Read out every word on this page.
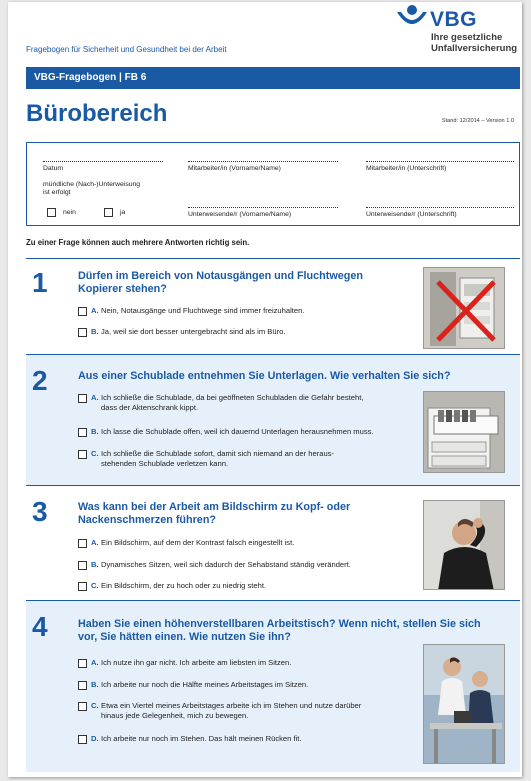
VBG
Ihre gesetzliche
Unfallversicherung
Fragebogen für Sicherheit und Gesundheit bei der Arbeit
VBG-Fragebogen | FB 6
Bürobereich	Stand: 12/2014 – Version 1.0
Datum	Mitarbeiter/in (Vorname/Name)	Mitarbeiter/in (Unterschrift)
mündliche (Nach-)Unterweisung
ist erfolgt
nein	ja	Unterweisende/r (Vorname/Name)	Unterweisende/r (Unterschrift)
Zu einer Frage können auch mehrere Antworten richtig sein.
1	Dürfen im Bereich von Notausgängen und Fluchtwegen
Kopierer stehen?
A. Nein, Notausgänge und Fluchtwege sind immer freizuhalten.
B. Ja, weil sie dort besser untergebracht sind als im Büro.
2	Aus einer Schublade entnehmen Sie Unterlagen. Wie verhalten Sie sich?
A. Ich schließe die Schublade, da bei geöffneten Schubladen die Gefahr besteht,
dass der Aktenschrank kippt.
B. Ich lasse die Schublade offen, weil ich dauernd Unterlagen herausnehmen muss.
C. Ich schließe die Schublade sofort, damit sich niemand an der heraus-
stehenden Schublade verletzen kann.
3	Was kann bei der Arbeit am Bildschirm zu Kopf- oder
Nackenschmerzen führen?
A. Ein Bildschirm, auf dem der Kontrast falsch eingestellt ist.
B. Dynamisches Sitzen, weil sich dadurch der Sehabstand ständig verändert.
C. Ein Bildschirm, der zu hoch oder zu niedrig steht.
4	Haben Sie einen höhenverstellbaren Arbeitstisch? Wenn nicht, stellen Sie sich
vor, Sie hätten einen. Wie nutzen Sie ihn?
A. Ich nutze ihn gar nicht. Ich arbeite am liebsten im Sitzen.
B. Ich arbeite nur noch die Hälfte meines Arbeitstages im Sitzen.
C. Etwa ein Viertel meines Arbeitstages arbeite ich im Stehen und nutze darüber
hinaus jede Gelegenheit, mich zu bewegen.
D. Ich arbeite nur noch im Stehen. Das hält meinen Rücken fit.
